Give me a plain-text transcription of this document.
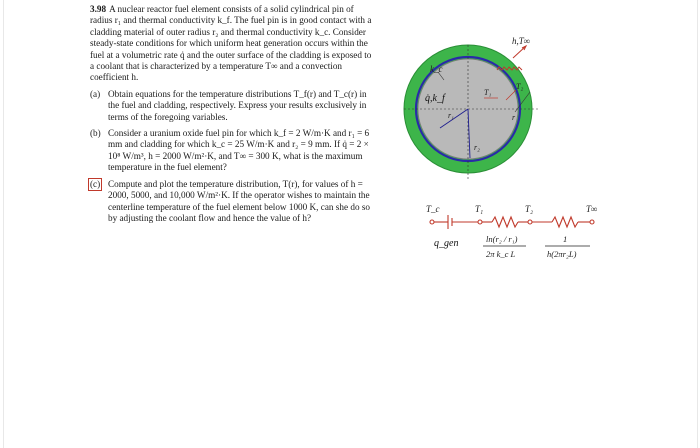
3.98 A nuclear reactor fuel element consists of a solid cylindrical pin of radius r₁ and thermal conductivity k_f. The fuel pin is in good contact with a cladding material of outer radius r₂ and thermal conductivity k_c. Consider steady-state conditions for which uniform heat generation occurs within the fuel at a volumetric rate q̇ and the outer surface of the cladding is exposed to a coolant that is characterized by a temperature T∞ and a convection coefficient h.

(a) Obtain equations for the temperature distributions T_f(r) and T_c(r) in the fuel and cladding, respectively. Express your results exclusively in terms of the foregoing variables.

(b) Consider a uranium oxide fuel pin for which k_f = 2 W/m·K and r₁ = 6 mm and cladding for which k_c = 25 W/m·K and r₂ = 9 mm. If q̇ = 2 × 10⁸ W/m³, h = 2000 W/m²·K, and T∞ = 300 K, what is the maximum temperature in the fuel element?

(c) Compute and plot the temperature distribution, T(r), for values of h = 2000, 5000, and 10,000 W/m²·K. If the operator wishes to maintain the centerline temperature of the fuel element below 1000 K, can she do so by adjusting the coolant flow and hence the value of h?

h,T∞
k_c
q̇,k_f
T₁
T₂
r₁
r₂
r
T_c	T₁	T₂	T∞
q_gen	ln(r₂ / r₁)
2π k_c L
1
h(2πr₂L)
